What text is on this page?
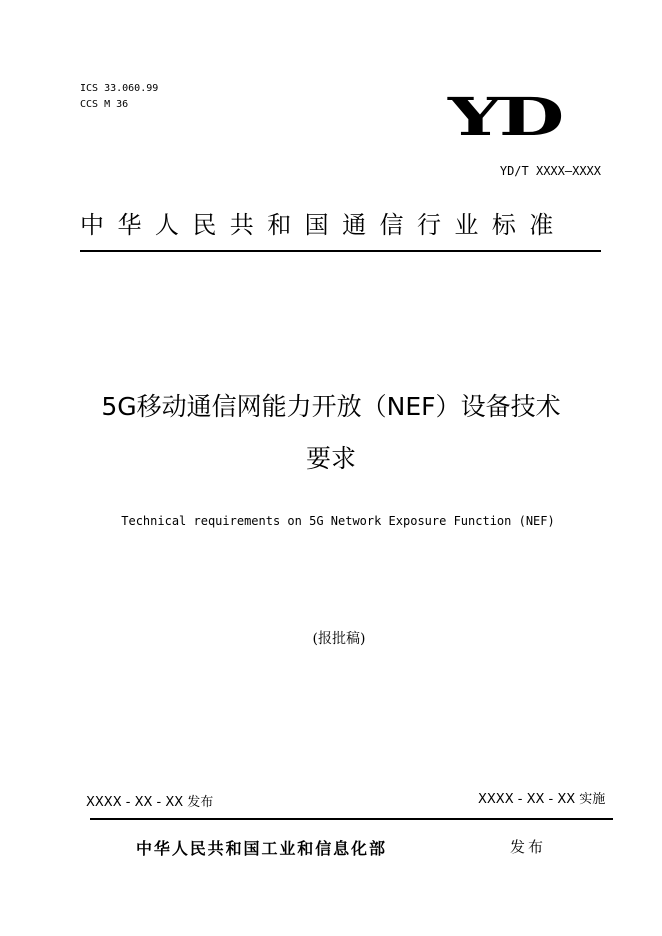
ICS 33.060.99
CCS M 36	YD
YD/T XXXX—XXXX
中华人民共和国通信行业标准
5G移动通信网能力开放（NEF）设备技术
要求
Technical requirements on 5G Network Exposure Function (NEF)
(报批稿)
XXXX - XX - XX 发布	XXXX - XX - XX 实施
中华人民共和国工业和信息化部	发布
